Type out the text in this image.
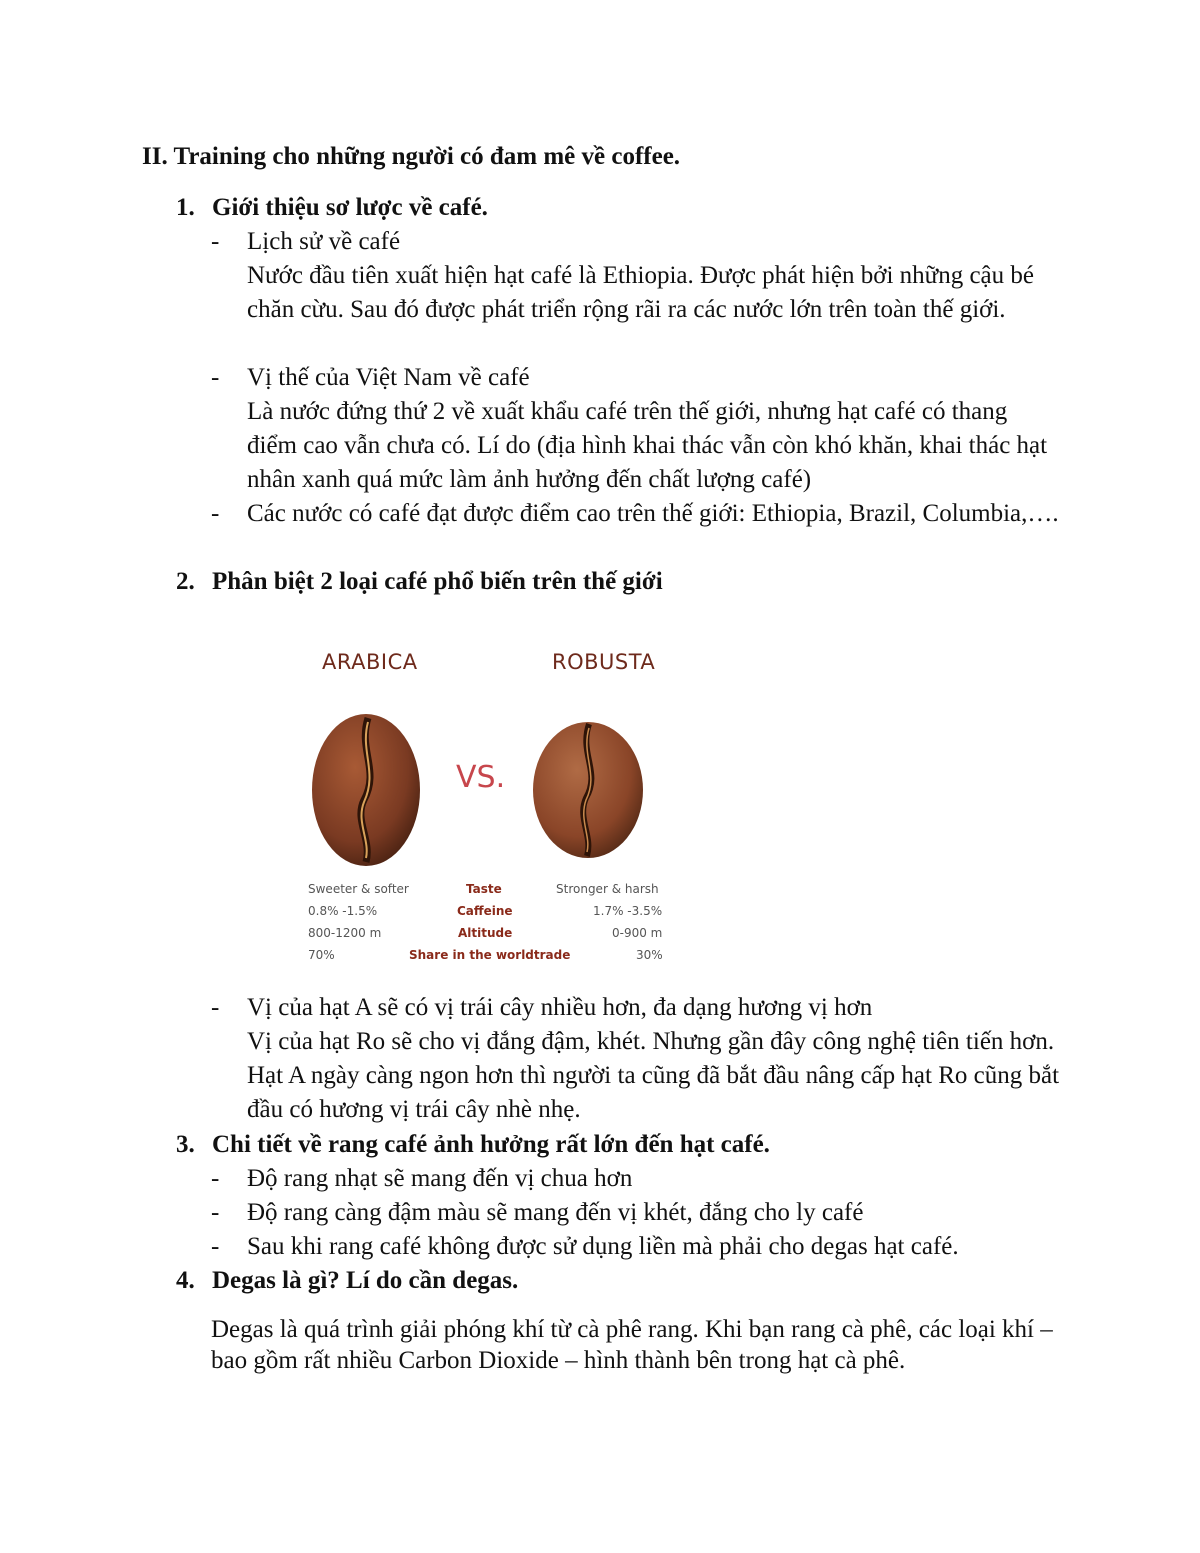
II. Training cho những người có đam mê về coffee.
1. Giới thiệu sơ lược về café.
-	Lịch sử về café
Nước đầu tiên xuất hiện hạt café là Ethiopia. Được phát hiện bởi những cậu bé chăn cừu. Sau đó được phát triển rộng rãi ra các nước lớn trên toàn thế giới.
-	Vị thế của Việt Nam về café
Là nước đứng thứ 2 về xuất khẩu café trên thế giới, nhưng hạt café có thang điểm cao vẫn chưa có. Lí do (địa hình khai thác vẫn còn khó khăn, khai thác hạt nhân xanh quá mức làm ảnh hưởng đến chất lượng café)
-	Các nước có café đạt được điểm cao trên thế giới: Ethiopia, Brazil, Columbia,….
2. Phân biệt 2 loại café phổ biến trên thế giới
ARABICA	ROBUSTA
VS.
Sweeter & softer	Taste	Stronger & harsh
0.8% -1.5%	Caffeine	1.7% -3.5%
800-1200 m	Altitude	0-900 m
70%	Share in the worldtrade	30%
-	Vị của hạt A sẽ có vị trái cây nhiều hơn, đa dạng hương vị hơn
Vị của hạt Ro sẽ cho vị đắng đậm, khét. Nhưng gần đây công nghệ tiên tiến hơn. Hạt A ngày càng ngon hơn thì người ta cũng đã bắt đầu nâng cấp hạt Ro cũng bắt đầu có hương vị trái cây nhè nhẹ.
3. Chi tiết về rang café ảnh hưởng rất lớn đến hạt café.
-	Độ rang nhạt sẽ mang đến vị chua hơn
-	Độ rang càng đậm màu sẽ mang đến vị khét, đắng cho ly café
-	Sau khi rang café không được sử dụng liền mà phải cho degas hạt café.
4. Degas là gì? Lí do cần degas.
Degas là quá trình giải phóng khí từ cà phê rang. Khi bạn rang cà phê, các loại khí – bao gồm rất nhiều Carbon Dioxide – hình thành bên trong hạt cà phê.
